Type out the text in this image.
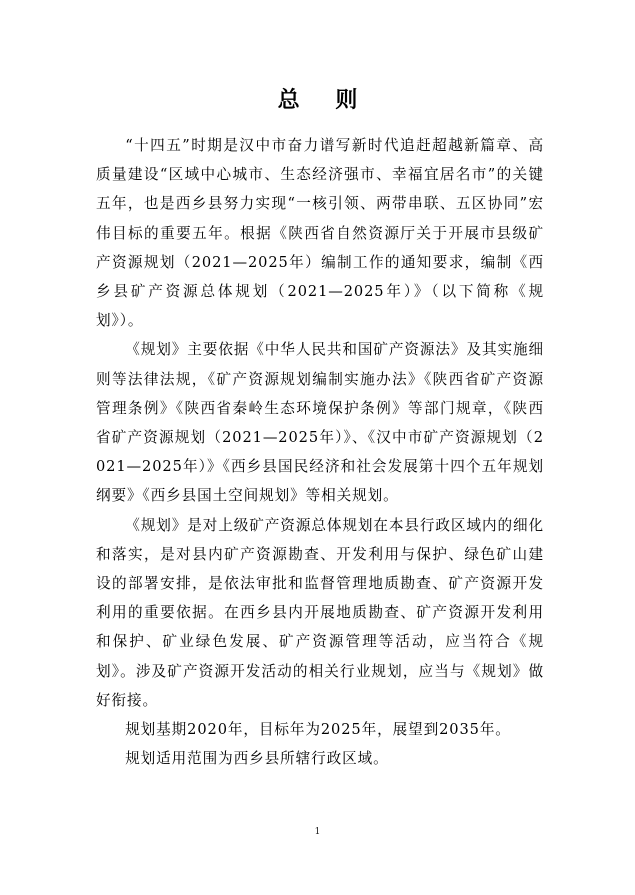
总 则

“十四五”时期是汉中市奋力谱写新时代追赶超越新篇章、高质量建设“区域中心城市、生态经济强市、幸福宜居名市”的关键五年，也是西乡县努力实现“一核引领、两带串联、五区协同”宏伟目标的重要五年。根据《陕西省自然资源厅关于开展市县级矿产资源规划（2021—2025年）编制工作的通知要求，编制《西乡县矿产资源总体规划（2021—2025年）》（以下简称《规划》）。

《规划》主要依据《中华人民共和国矿产资源法》及其实施细则等法律法规，《矿产资源规划编制实施办法》《陕西省矿产资源管理条例》《陕西省秦岭生态环境保护条例》等部门规章，《陕西省矿产资源规划（2021—2025年）》、《汉中市矿产资源规划（2021—2025年）》《西乡县国民经济和社会发展第十四个五年规划纲要》《西乡县国土空间规划》等相关规划。

《规划》是对上级矿产资源总体规划在本县行政区域内的细化和落实，是对县内矿产资源勘查、开发利用与保护、绿色矿山建设的部署安排，是依法审批和监督管理地质勘查、矿产资源开发利用的重要依据。在西乡县内开展地质勘查、矿产资源开发利用和保护、矿业绿色发展、矿产资源管理等活动，应当符合《规划》。涉及矿产资源开发活动的相关行业规划，应当与《规划》做好衔接。

规划基期2020年，目标年为2025年，展望到2035年。

规划适用范围为西乡县所辖行政区域。

1
